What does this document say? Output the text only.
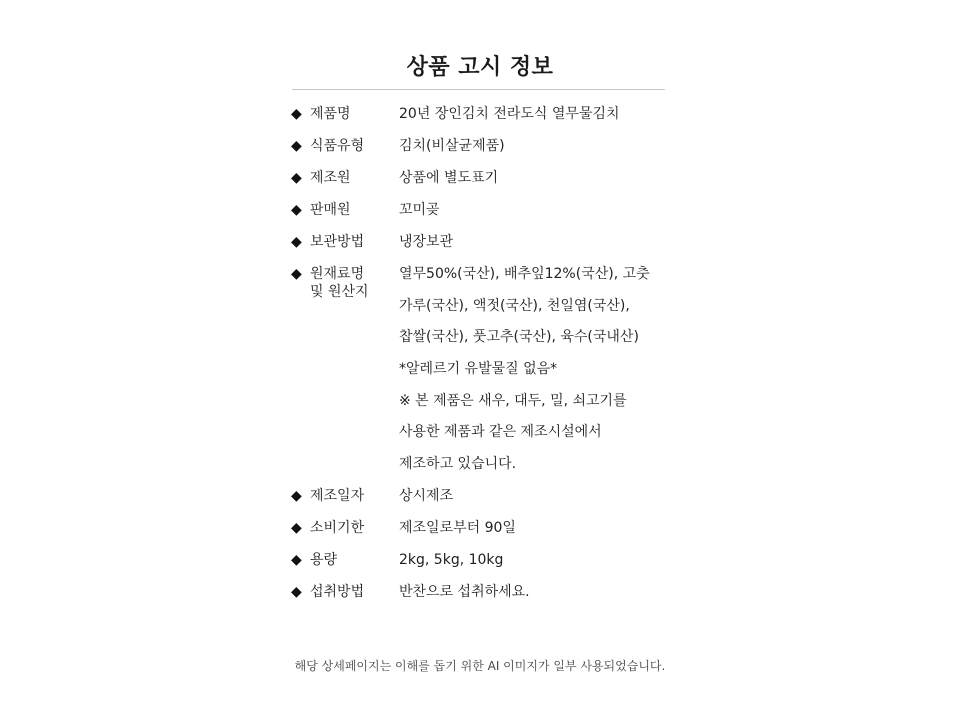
상품 고시 정보
◆ 제품명	20년 장인김치 전라도식 열무물김치
◆ 식품유형 김치(비살균제품)
◆ 제조원	상품에 별도표기
◆ 판매원	꼬미곶
◆ 보관방법 냉장보관
◆ 원재료명
및 원산지
열무50%(국산), 배추잎12%(국산), 고춧
가루(국산), 액젓(국산), 천일염(국산),
찹쌀(국산), 풋고추(국산), 육수(국내산)
*알레르기 유발물질 없음*
※ 본 제품은 새우, 대두, 밀, 쇠고기를
사용한 제품과 같은 제조시설에서
제조하고 있습니다.
◆ 제조일자 상시제조
◆ 소비기한 제조일로부터 90일
◆ 용량	2kg, 5kg, 10kg
◆ 섭취방법 반찬으로 섭취하세요.
해당 상세페이지는 이해를 돕기 위한 AI 이미지가 일부 사용되었습니다.
